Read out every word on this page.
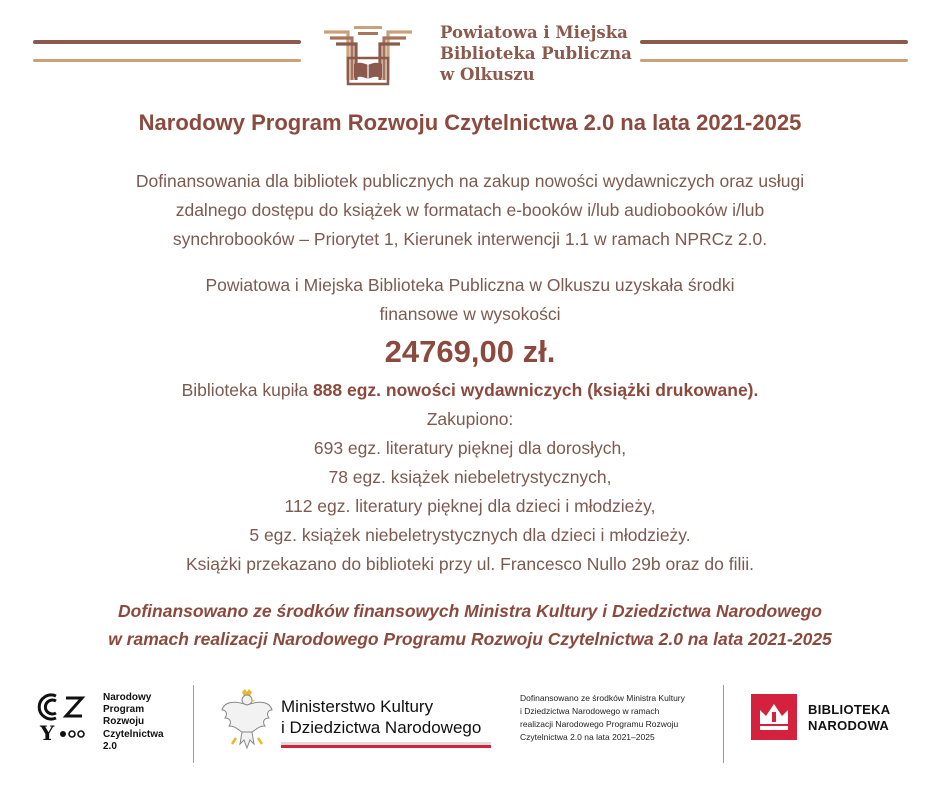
Powiatowa i Miejska
Biblioteka Publiczna
w Olkuszu
Narodowy Program Rozwoju Czytelnictwa 2.0 na lata 2021-2025
Dofinansowania dla bibliotek publicznych na zakup nowości wydawniczych oraz usługi
zdalnego dostępu do książek w formatach e-booków i/lub audiobooków i/lub
synchrobooków – Priorytet 1, Kierunek interwencji 1.1 w ramach NPRCz 2.0.
Powiatowa i Miejska Biblioteka Publiczna w Olkuszu uzyskała środki
finansowe w wysokości
24769,00 zł.
Biblioteka kupiła 888 egz. nowości wydawniczych (książki drukowane).
Zakupiono:
693 egz. literatury pięknej dla dorosłych,
78 egz. książek niebeletrystycznych,
112 egz. literatury pięknej dla dzieci i młodzieży,
5 egz. książek niebeletrystycznych dla dzieci i młodzieży.
Książki przekazano do biblioteki przy ul. Francesco Nullo 29b oraz do filii.
Dofinansowano ze środków finansowych Ministra Kultury i Dziedzictwa Narodowego
w ramach realizacji Narodowego Programu Rozwoju Czytelnictwa 2.0 na lata 2021-2025
Y
Narodowy
Program
Rozwoju
Czytelnictwa
2.0
Ministerstwo Kultury
i Dziedzictwa Narodowego
Dofinansowano ze środków Ministra Kultury
i Dziedzictwa Narodowego w ramach
realizacji Narodowego Programu Rozwoju
Czytelnictwa 2.0 na lata 2021–2025
BIBLIOTEKA
NARODOWA
